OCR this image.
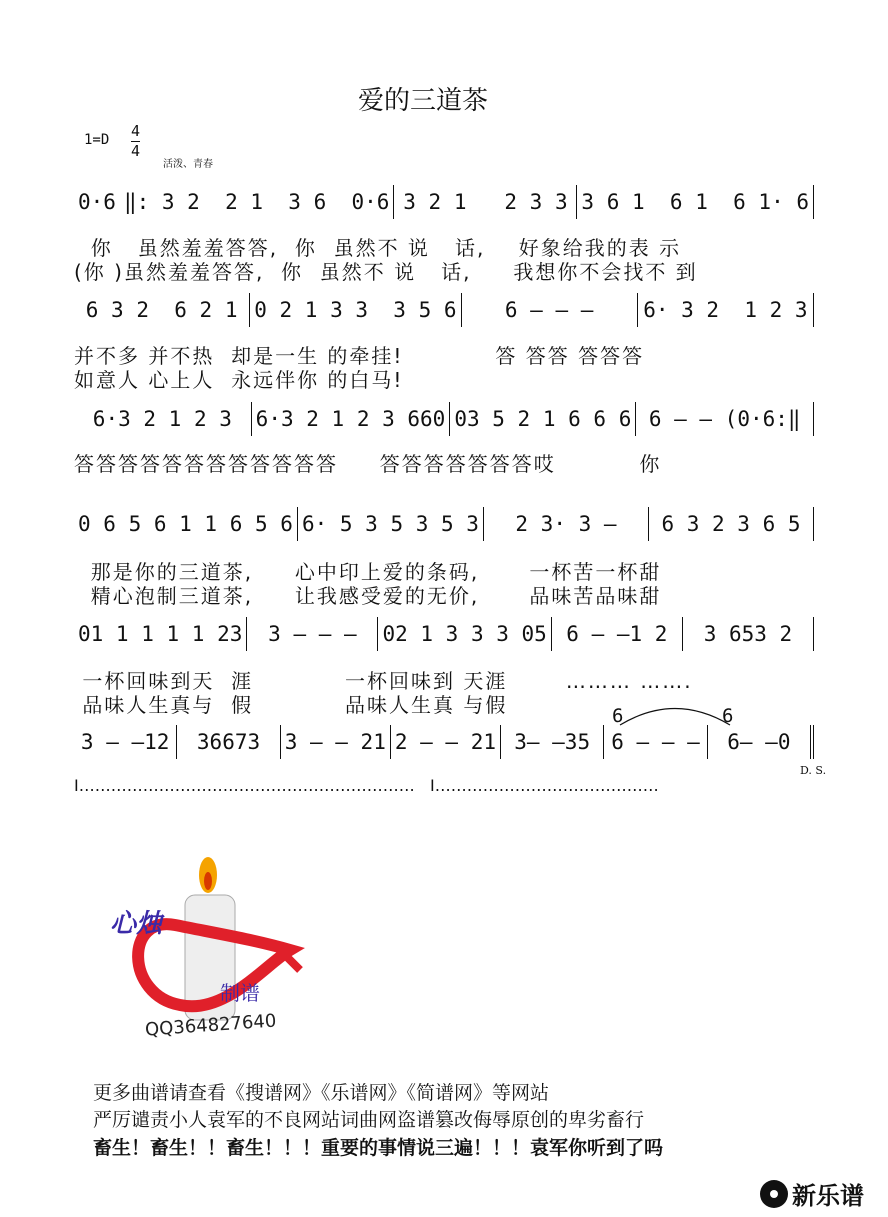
爱的三道茶
1=D 4
4
活泼、青春
0·6 ‖: 3 2  2 1  3 6  0·6 3 2 1   2 3 3 3 6 1  6 1  6 1· 6
你   虽然羞羞答答,  你  虽然不 说   话,    好象给我的表 示
(你 )虽然羞羞答答,  你  虽然不 说   话,     我想你不会找不 到
6 3 2  6 2 1 0 2 1 3 3  3 5 6	6 — — —	6· 3 2  1 2 3
并不多 并不热  却是一生 的牵挂!           答 答答 答答答
如意人 心上人  永远伴你 的白马!
6·3 2 1 2 3	6·3 2 1 2 3 660 03 5 2 1 6 6 6 6 — — (0·6:‖
答答答答答答答答答答答答     答答答答答答答哎          你
0 6 5 6 1 1 6 5 6 6· 5 3 5 3 5 3	2 3· 3 —	6 3 2 3 6 5
那是你的三道茶,     心中印上爱的条码,      一杯苦一杯甜
精心泡制三道茶,     让我感受爱的无价,      品味苦品味甜
01 1 1 1 1 23	3 — — —	02 1 3 3 3 05 6 — —1 2	3 653 2
一杯回味到天  涯           一杯回味到 天涯       ……… …….
品味人生真与  假           品味人生真 与假
3 — —12	36673	3 — — 21 2 — — 21 3— —35	6 — — —	6— —0
6	6
I………………………………………………………   I……………………………………
D. S.
心烛
制谱
QQ364827640
更多曲谱请查看《搜谱网》《乐谱网》《简谱网》等网站
严厉谴责小人袁军的不良网站词曲网盗谱篡改侮辱原创的卑劣畜行
畜生！畜生！！畜生！！！重要的事情说三遍！！！袁军你听到了吗
新乐谱
